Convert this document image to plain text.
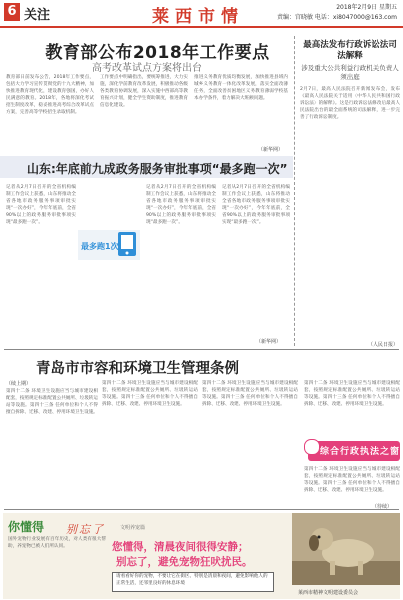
6 关注	莱西市情	2018年2月9日 星期五
责编：宫晓敏 电话：xi8047000@163.com
教育部公布2018年工作要点
高考改革试点方案将出台
教育部日前发布公告，2018年工作要点，包括大力学习宣传贯彻党的十九大精神，加快推进教育现代化，建设教育强国，办好人民满意的教育。2018年，各地将深化考试招生制度改革，稳妥推进高考综合改革试点方案，完善高等学校招生录取机制。
工作要点中明确指出，要统筹推进，大力实施，深化学前教育改革发展，积极推动各级各类教育协调发展，深入实施中西部高等教育振兴计划，健全学生资助制度，推进教育信息化建设。
推进义务教育优质均衡发展，加快推进县域内城乡义务教育一体化改革发展，落实全面改薄任务，全面改善贫困地区义务教育薄弱学校基本办学条件，着力解决大班额问题。
（新华网）
最高法发布行政诉讼法司法解释
涉及重大公共利益行政机关负责人须出庭
2月7日，最高人民法院召开新闻发布会，发布《最高人民法院关于适用〈中华人民共和国行政诉讼法〉的解释》。这是行政诉讼法修改后最高人民法院出台的最全面系统的司法解释，进一步完善了行政诉讼制度。
（人民日报）
山东:年底前九成政务服务审批事项“最多跑一次”
记者从2月7日召开的全省机构编制工作会议上获悉，山东将推动全省各地市政务服务事项审批实现“一次办好”，今年年底前，全省90%以上的政务服务审批事项实现“最多跑一次”。
最多跑1次
记者从2月7日召开的全省机构编制工作会议上获悉，山东将推动全省各地市政务服务事项审批实现“一次办好”，今年年底前，全省90%以上的政务服务审批事项实现“最多跑一次”。
记者从2月7日召开的全省机构编制工作会议上获悉，山东将推动全省各地市政务服务事项审批实现“一次办好”，今年年底前，全省90%以上的政务服务审批事项实现“最多跑一次”。
（新华网）
青岛市市容和环境卫生管理条例
（续上期）
第四十二条 环境卫生设施应当与城市建设相配套，按照规定标准配置公共厕所、垃圾转运站等设施。第四十三条 任何单位和个人不得擅自拆除、迁移、改建、停用环境卫生设施。
第四十二条 环境卫生设施应当与城市建设相配套，按照规定标准配置公共厕所、垃圾转运站等设施。第四十三条 任何单位和个人不得擅自拆除、迁移、改建、停用环境卫生设施。
第四十二条 环境卫生设施应当与城市建设相配套，按照规定标准配置公共厕所、垃圾转运站等设施。第四十三条 任何单位和个人不得擅自拆除、迁移、改建、停用环境卫生设施。
第四十二条 环境卫生设施应当与城市建设相配套，按照规定标准配置公共厕所、垃圾转运站等设施。第四十三条 任何单位和个人不得擅自拆除、迁移、改建、停用环境卫生设施。
综合行政执法之窗
第四十二条 环境卫生设施应当与城市建设相配套，按照规定标准配置公共厕所、垃圾转运站等设施。第四十三条 任何单位和个人不得擅自拆除、迁移、改建、停用环境卫生设施。
（待续）
你懂得 别忘了	文明养宠篇
国外宠物行业发展有百年历史，对人类有很大帮助，养宠物已被人们所认同。	您懂得，清晨夜间很得安静；
别忘了，避免宠物狂吠扰民。
请看看好你的宠物，不要让它在街区、特别是清晨和夜间，避免影响他人的正常生活，还邻里良好的休息环境
莱西市精神文明建设委员会
